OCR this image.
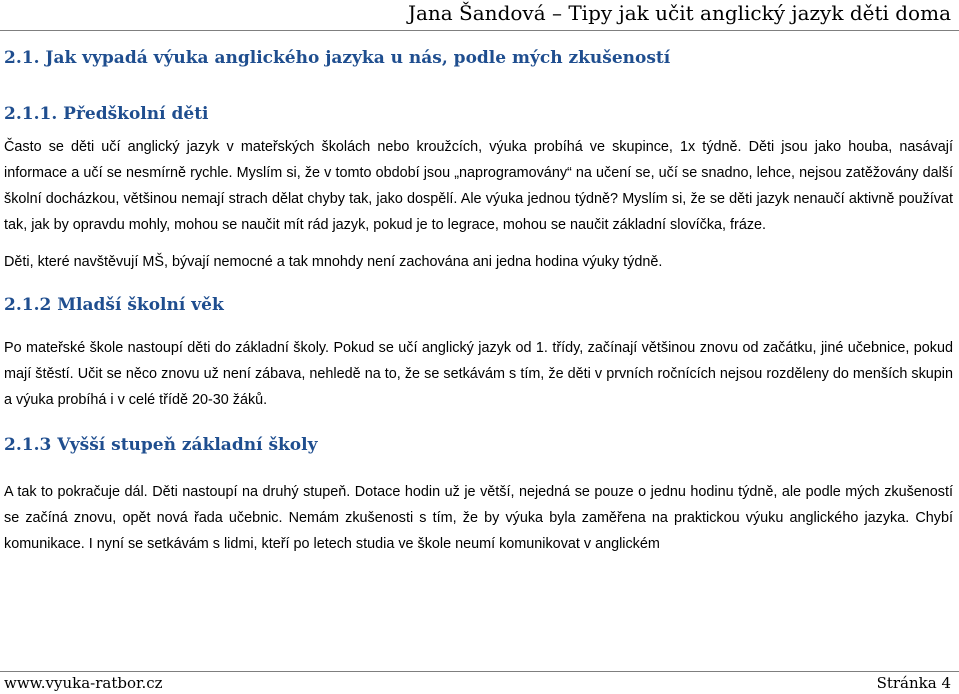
Jana Šandová – Tipy jak učit anglický jazyk děti doma
2.1. Jak vypadá výuka anglického jazyka u nás, podle mých zkušeností
2.1.1. Předškolní děti

Často se děti učí anglický jazyk v mateřských školách nebo kroužcích, výuka probíhá ve skupince, 1x týdně. Děti jsou jako houba, nasávají informace a učí se nesmírně rychle. Myslím si, že v tomto období jsou „naprogramovány“ na učení se, učí se snadno, lehce, nejsou zatěžovány další školní docházkou, většinou nemají strach dělat chyby tak, jako dospělí. Ale výuka jednou týdně? Myslím si, že se děti jazyk nenaučí aktivně používat tak, jak by opravdu mohly, mohou se naučit mít rád jazyk, pokud je to legrace, mohou se naučit základní slovíčka, fráze.

Děti, které navštěvují MŠ, bývají nemocné a tak mnohdy není zachována ani jedna hodina výuky týdně.

2.1.2 Mladší školní věk

Po mateřské škole nastoupí děti do základní školy. Pokud se učí anglický jazyk od 1. třídy, začínají většinou znovu od začátku, jiné učebnice, pokud mají štěstí. Učit se něco znovu už není zábava, nehledě na to, že se setkávám s tím, že děti v prvních ročnících nejsou rozděleny do menších skupin a výuka probíhá i v celé třídě 20-30 žáků.

2.1.3 Vyšší stupeň základní školy

A tak to pokračuje dál. Děti nastoupí na druhý stupeň. Dotace hodin už je větší, nejedná se pouze o jednu hodinu týdně, ale podle mých zkušeností se začíná znovu, opět nová řada učebnic. Nemám zkušenosti s tím, že by výuka byla zaměřena na praktickou výuku anglického jazyka. Chybí komunikace. I nyní se setkávám s lidmi, kteří po letech studia ve škole neumí komunikovat v anglickém

www.vyuka-ratbor.cz	Stránka 4
